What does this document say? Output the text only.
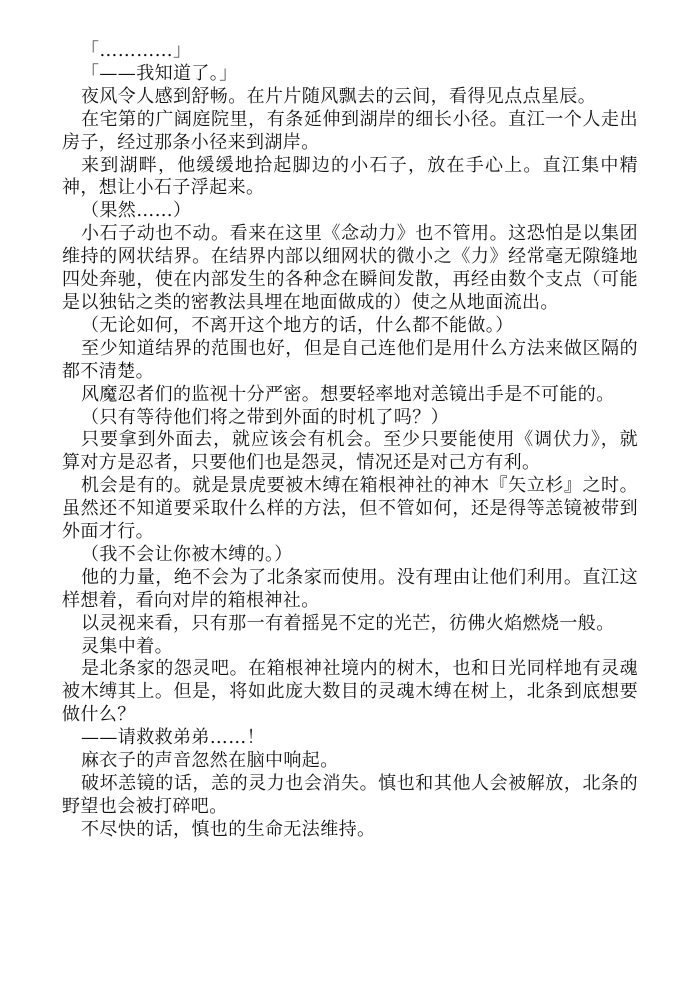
「…………」

「——我知道了。」

夜风令人感到舒畅。在片片随风飘去的云间，看得见点点星辰。

在宅第的广阔庭院里，有条延伸到湖岸的细长小径。直江一个人走出房子，经过那条小径来到湖岸。

来到湖畔，他缓缓地拾起脚边的小石子，放在手心上。直江集中精神，想让小石子浮起来。

（果然……）

小石子动也不动。看来在这里《念动力》也不管用。这恐怕是以集团维持的网状结界。在结界内部以细网状的微小之《力》经常毫无隙缝地四处奔驰，使在内部发生的各种念在瞬间发散，再经由数个支点（可能是以独钻之类的密教法具埋在地面做成的）使之从地面流出。

（无论如何，不离开这个地方的话，什么都不能做。）

至少知道结界的范围也好，但是自己连他们是用什么方法来做区隔的都不清楚。

风魔忍者们的监视十分严密。想要轻率地对恙镜出手是不可能的。

（只有等待他们将之带到外面的时机了吗？）

只要拿到外面去，就应该会有机会。至少只要能使用《调伏力》，就算对方是忍者，只要他们也是怨灵，情况还是对己方有利。

机会是有的。就是景虎要被木缚在箱根神社的神木『矢立杉』之时。虽然还不知道要采取什么样的方法，但不管如何，还是得等恙镜被带到外面才行。

（我不会让你被木缚的。）

他的力量，绝不会为了北条家而使用。没有理由让他们利用。直江这样想着，看向对岸的箱根神社。

以灵视来看，只有那一有着摇晃不定的光芒，彷佛火焰燃烧一般。

灵集中着。

是北条家的怨灵吧。在箱根神社境内的树木，也和日光同样地有灵魂被木缚其上。但是，将如此庞大数目的灵魂木缚在树上，北条到底想要做什么？

——请救救弟弟……！

麻衣子的声音忽然在脑中响起。

破坏恙镜的话，恙的灵力也会消失。慎也和其他人会被解放，北条的野望也会被打碎吧。

不尽快的话，慎也的生命无法维持。
